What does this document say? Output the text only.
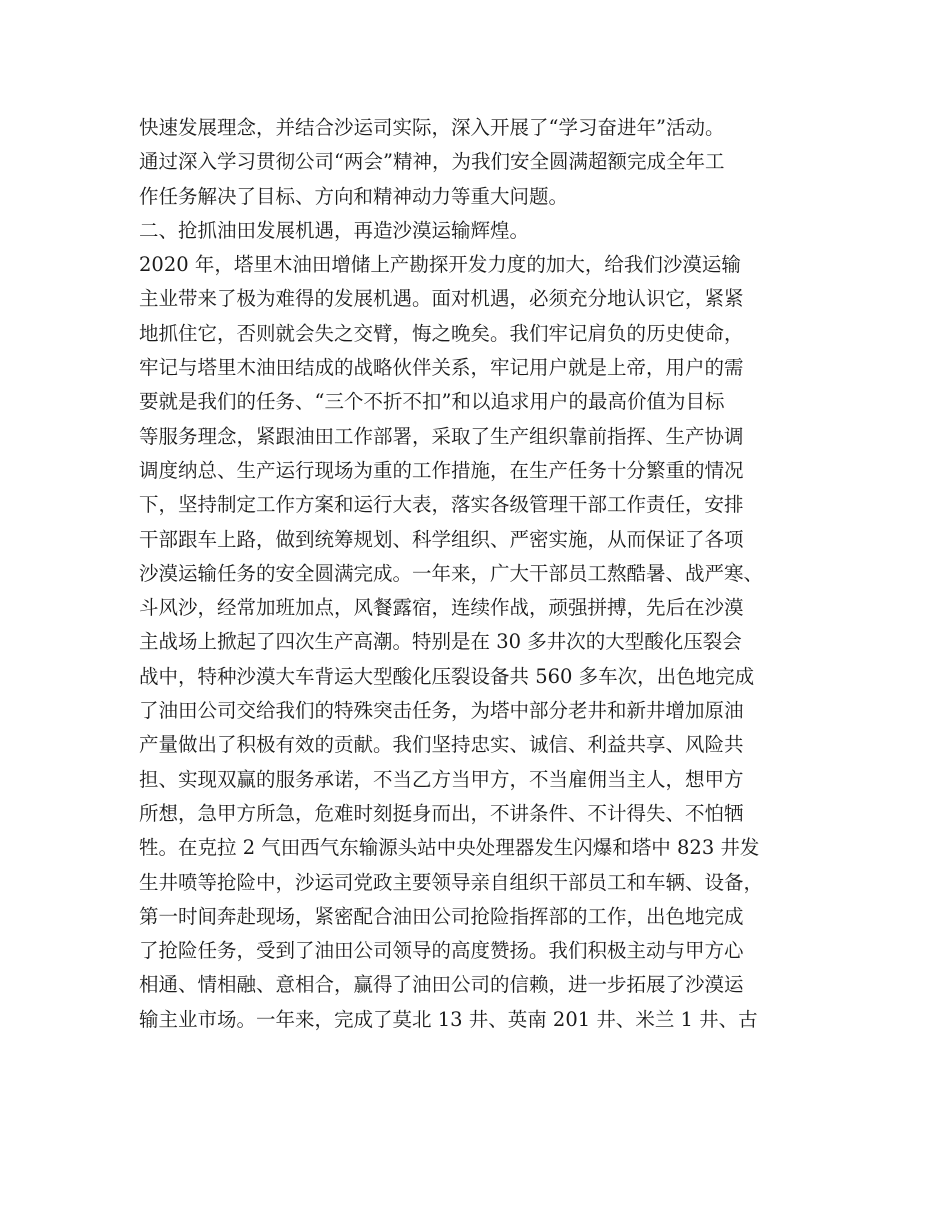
快速发展理念，并结合沙运司实际，深入开展了“学习奋进年”活动。
通过深入学习贯彻公司“两会”精神，为我们安全圆满超额完成全年工
作任务解决了目标、方向和精神动力等重大问题。
二、抢抓油田发展机遇，再造沙漠运输辉煌。
2020 年，塔里木油田增储上产勘探开发力度的加大，给我们沙漠运输
主业带来了极为难得的发展机遇。面对机遇，必须充分地认识它，紧紧
地抓住它，否则就会失之交臂，悔之晚矣。我们牢记肩负的历史使命，
牢记与塔里木油田结成的战略伙伴关系，牢记用户就是上帝，用户的需
要就是我们的任务、“三个不折不扣”和以追求用户的最高价值为目标
等服务理念，紧跟油田工作部署，采取了生产组织靠前指挥、生产协调
调度纳总、生产运行现场为重的工作措施，在生产任务十分繁重的情况
下，坚持制定工作方案和运行大表，落实各级管理干部工作责任，安排
干部跟车上路，做到统筹规划、科学组织、严密实施，从而保证了各项
沙漠运输任务的安全圆满完成。一年来，广大干部员工熬酷暑、战严寒、
斗风沙，经常加班加点，风餐露宿，连续作战，顽强拼搏，先后在沙漠
主战场上掀起了四次生产高潮。特别是在 30 多井次的大型酸化压裂会
战中，特种沙漠大车背运大型酸化压裂设备共 560 多车次，出色地完成
了油田公司交给我们的特殊突击任务，为塔中部分老井和新井增加原油
产量做出了积极有效的贡献。我们坚持忠实、诚信、利益共享、风险共
担、实现双赢的服务承诺，不当乙方当甲方，不当雇佣当主人，想甲方
所想，急甲方所急，危难时刻挺身而出，不讲条件、不计得失、不怕牺
牲。在克拉 2 气田西气东输源头站中央处理器发生闪爆和塔中 823 井发
生井喷等抢险中，沙运司党政主要领导亲自组织干部员工和车辆、设备，
第一时间奔赴现场，紧密配合油田公司抢险指挥部的工作，出色地完成
了抢险任务，受到了油田公司领导的高度赞扬。我们积极主动与甲方心
相通、情相融、意相合，赢得了油田公司的信赖，进一步拓展了沙漠运
输主业市场。一年来，完成了莫北 13 井、英南 201 井、米兰 1 井、古
